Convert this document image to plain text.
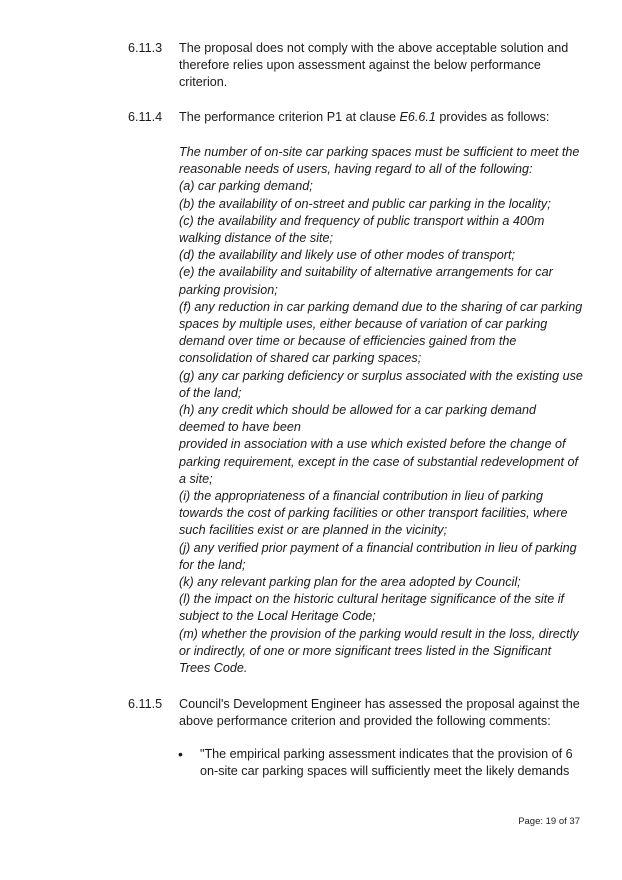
6.11.3	The proposal does not comply with the above acceptable solution and
therefore relies upon assessment against the below performance
criterion.
6.11.4	The performance criterion P1 at clause E6.6.1 provides as follows:
The number of on-site car parking spaces must be sufficient to meet the
reasonable needs of users, having regard to all of the following:
(a) car parking demand;
(b) the availability of on-street and public car parking in the locality;
(c) the availability and frequency of public transport within a 400m
walking distance of the site;
(d) the availability and likely use of other modes of transport;
(e) the availability and suitability of alternative arrangements for car
parking provision;
(f) any reduction in car parking demand due to the sharing of car parking
spaces by multiple uses, either because of variation of car parking
demand over time or because of efficiencies gained from the
consolidation of shared car parking spaces;
(g) any car parking deficiency or surplus associated with the existing use
of the land;
(h) any credit which should be allowed for a car parking demand
deemed to have been
provided in association with a use which existed before the change of
parking requirement, except in the case of substantial redevelopment of
a site;
(i) the appropriateness of a financial contribution in lieu of parking
towards the cost of parking facilities or other transport facilities, where
such facilities exist or are planned in the vicinity;
(j) any verified prior payment of a financial contribution in lieu of parking
for the land;
(k) any relevant parking plan for the area adopted by Council;
(l) the impact on the historic cultural heritage significance of the site if
subject to the Local Heritage Code;
(m) whether the provision of the parking would result in the loss, directly
or indirectly, of one or more significant trees listed in the Significant
Trees Code.
6.11.5	Council's Development Engineer has assessed the proposal against the
above performance criterion and provided the following comments:
• "The empirical parking assessment indicates that the provision of 6
on-site car parking spaces will sufficiently meet the likely demands
Page: 19 of 37
